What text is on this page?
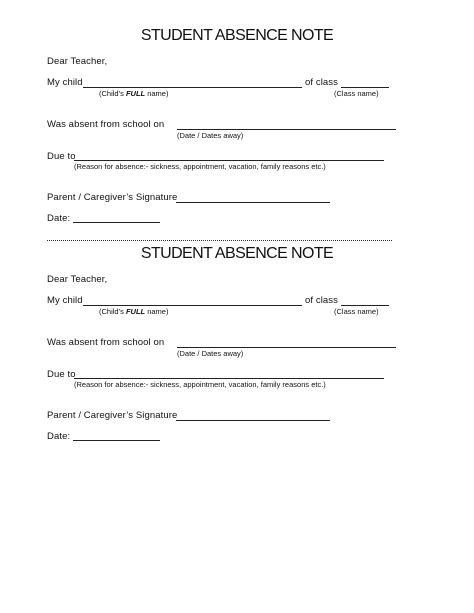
STUDENT ABSENCE NOTE
Dear Teacher,
My child	of class
(Child’s FULL name)	(Class name)
Was absent from school on
(Date / Dates away)
Due to
(Reason for absence:- sickness, appointment, vacation, family reasons etc.)
Parent / Caregiver’s Signature
Date:
STUDENT ABSENCE NOTE
Dear Teacher,
My child	of class
(Child’s FULL name)	(Class name)
Was absent from school on
(Date / Dates away)
Due to
(Reason for absence:- sickness, appointment, vacation, family reasons etc.)
Parent / Caregiver’s Signature
Date:
